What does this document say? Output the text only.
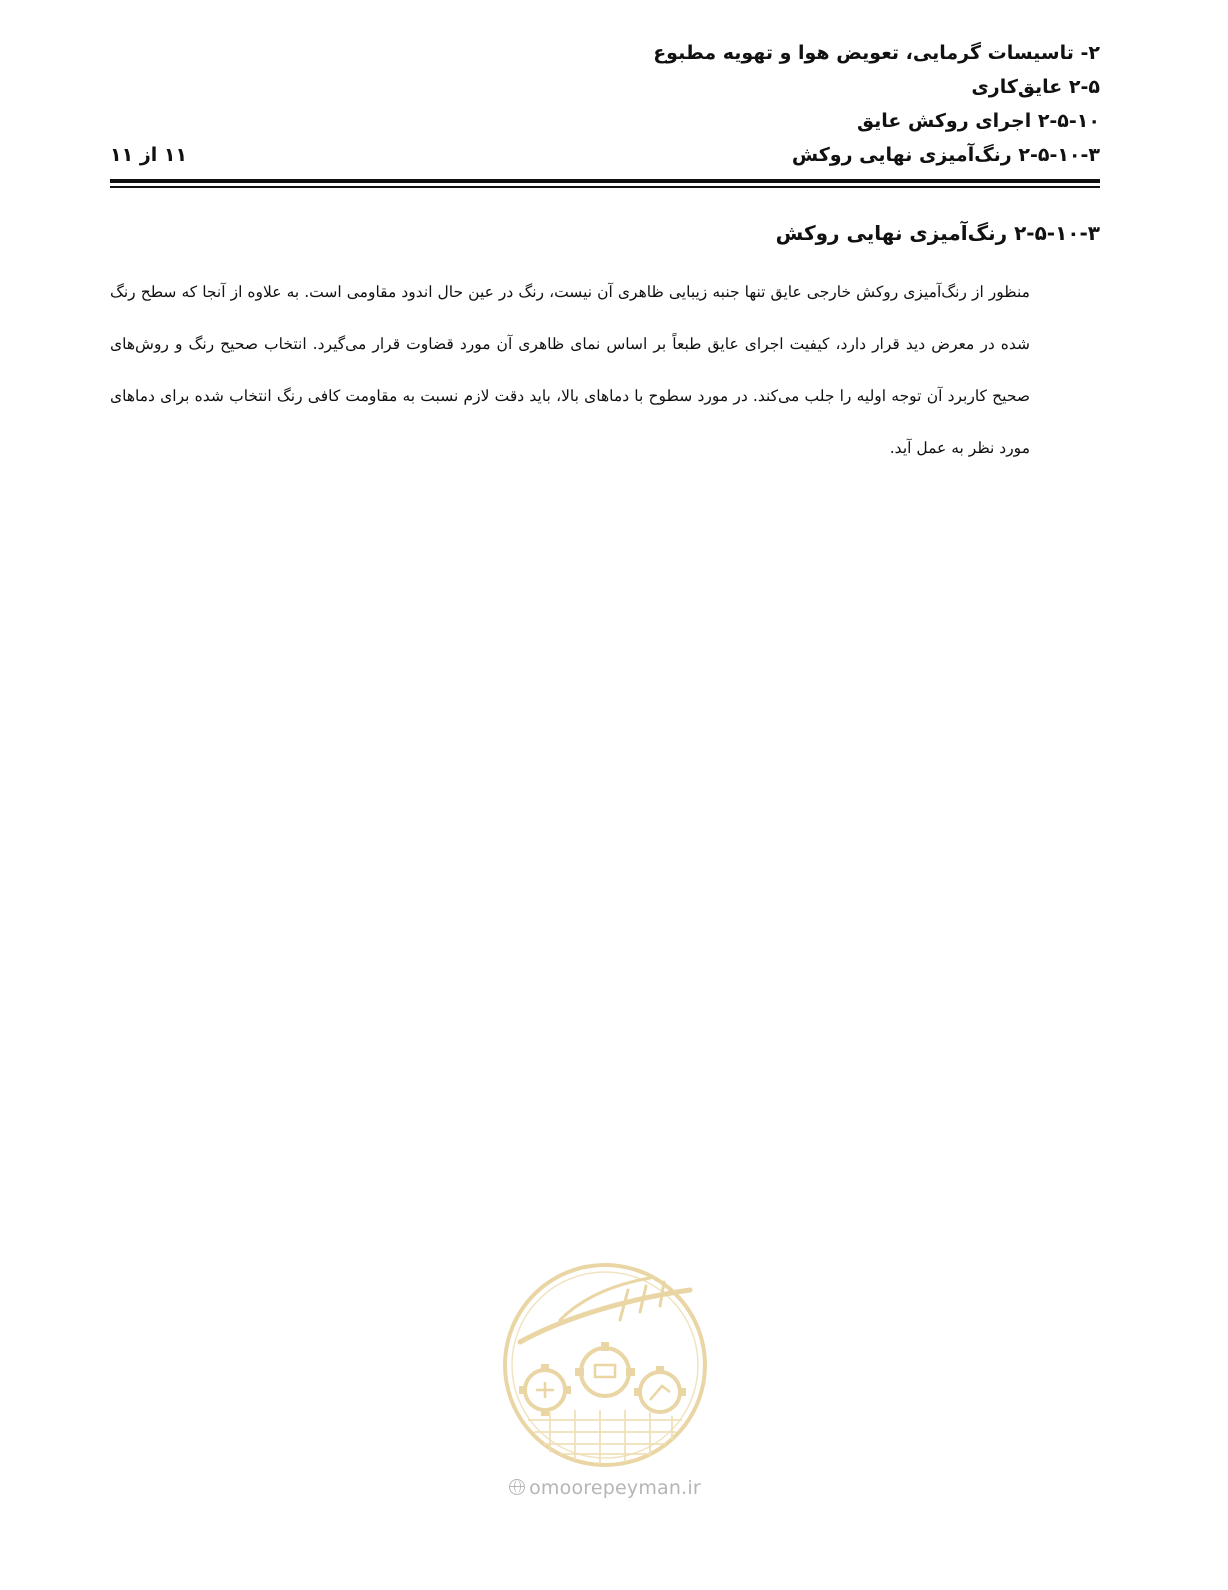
۲- تاسیسات گرمایی، تعویض هوا و تهویه مطبوع
۲-۵ عایق‌کاری
۲-۵-۱۰ اجرای روکش عایق
۲-۵-۱۰-۳ رنگ‌آمیزی نهایی روکش
۱۱ از ۱۱
۲-۵-۱۰-۳ رنگ‌آمیزی نهایی روکش
منظور از رنگ‌آمیزی روکش خارجی عایق تنها جنبه زیبایی ظاهری آن نیست، رنگ در عین حال اندود مقاومی است. به علاوه از آنجا که سطح رنگ شده در معرض دید قرار دارد، کیفیت اجرای عایق طبعاً بر اساس نمای ظاهری آن مورد قضاوت قرار می‌گیرد. انتخاب صحیح رنگ و روش‌های صحیح کاربرد آن توجه اولیه را جلب می‌کند. در مورد سطوح با دماهای بالا، باید دقت لازم نسبت به مقاومت کافی رنگ انتخاب شده برای دماهای مورد نظر به عمل آید.
omoorepeyman.ir
